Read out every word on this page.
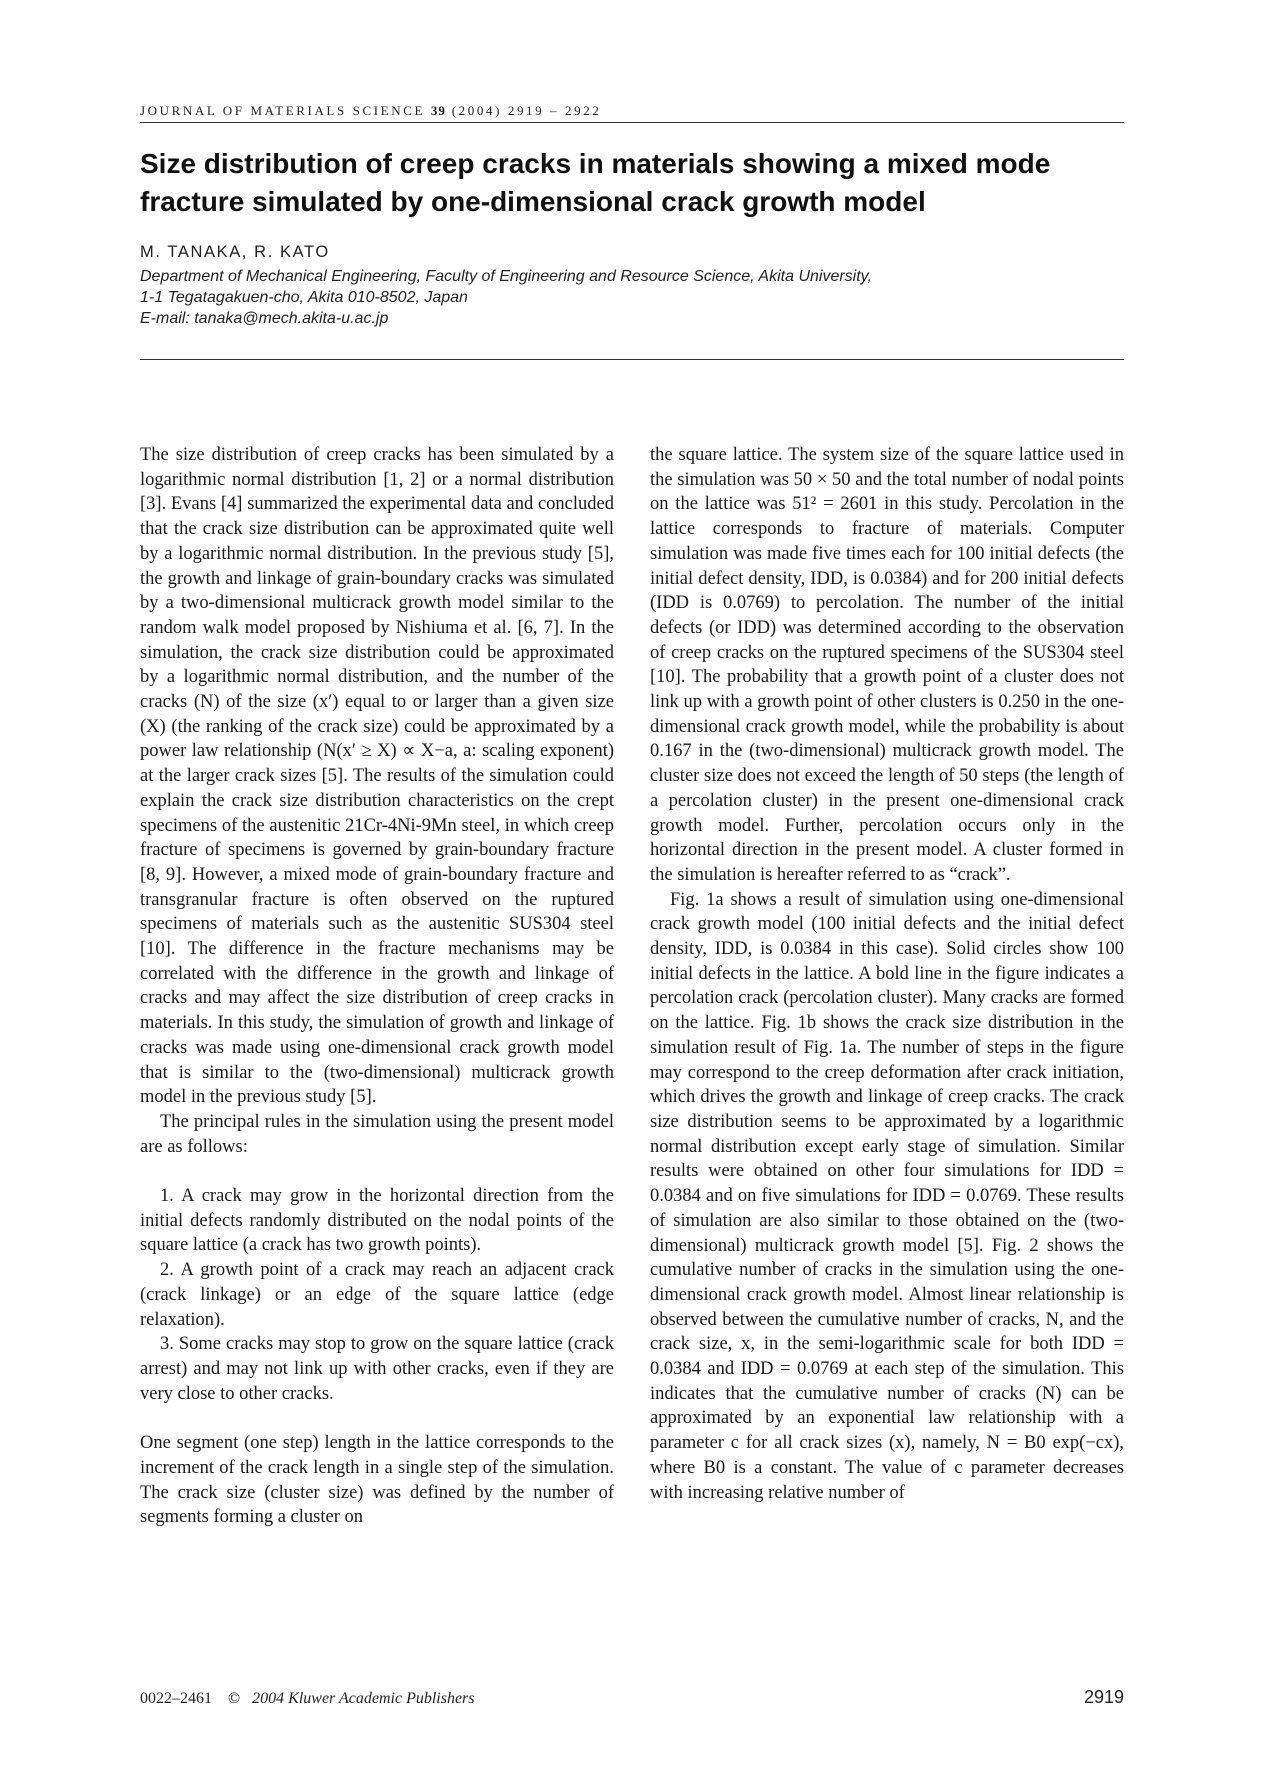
JOURNAL OF MATERIALS SCIENCE 39 (2004) 2919 – 2922
Size distribution of creep cracks in materials showing a mixed mode fracture simulated by one-dimensional crack growth model
M. TANAKA, R. KATO
Department of Mechanical Engineering, Faculty of Engineering and Resource Science, Akita University,
1-1 Tegatagakuen-cho, Akita 010-8502, Japan
E-mail: tanaka@mech.akita-u.ac.jp

The size distribution of creep cracks has been simulated by a logarithmic normal distribution [1, 2] or a normal distribution [3]. Evans [4] summarized the experimental data and concluded that the crack size distribution can be approximated quite well by a logarithmic normal distribution. In the previous study [5], the growth and linkage of grain-boundary cracks was simulated by a two-dimensional multicrack growth model similar to the random walk model proposed by Nishiuma et al. [6, 7]. In the simulation, the crack size distribution could be approximated by a logarithmic normal distribution, and the number of the cracks (N) of the size (x′) equal to or larger than a given size (X) (the ranking of the crack size) could be approximated by a power law relationship (N(x′ ≥ X) ∝ X−a, a: scaling exponent) at the larger crack sizes [5]. The results of the simulation could explain the crack size distribution characteristics on the crept specimens of the austenitic 21Cr-4Ni-9Mn steel, in which creep fracture of specimens is governed by grain-boundary fracture [8, 9]. However, a mixed mode of grain-boundary fracture and transgranular fracture is often observed on the ruptured specimens of materials such as the austenitic SUS304 steel [10]. The difference in the fracture mechanisms may be correlated with the difference in the growth and linkage of cracks and may affect the size distribution of creep cracks in materials. In this study, the simulation of growth and linkage of cracks was made using one-dimensional crack growth model that is similar to the (two-dimensional) multicrack growth model in the previous study [5].

The principal rules in the simulation using the present model are as follows:

1. A crack may grow in the horizontal direction from the initial defects randomly distributed on the nodal points of the square lattice (a crack has two growth points).

2. A growth point of a crack may reach an adjacent crack (crack linkage) or an edge of the square lattice (edge relaxation).

3. Some cracks may stop to grow on the square lattice (crack arrest) and may not link up with other cracks, even if they are very close to other cracks.

One segment (one step) length in the lattice corresponds to the increment of the crack length in a single step of the simulation. The crack size (cluster size) was defined by the number of segments forming a cluster on

the square lattice. The system size of the square lattice used in the simulation was 50 × 50 and the total number of nodal points on the lattice was 51² = 2601 in this study. Percolation in the lattice corresponds to fracture of materials. Computer simulation was made five times each for 100 initial defects (the initial defect density, IDD, is 0.0384) and for 200 initial defects (IDD is 0.0769) to percolation. The number of the initial defects (or IDD) was determined according to the observation of creep cracks on the ruptured specimens of the SUS304 steel [10]. The probability that a growth point of a cluster does not link up with a growth point of other clusters is 0.250 in the one-dimensional crack growth model, while the probability is about 0.167 in the (two-dimensional) multicrack growth model. The cluster size does not exceed the length of 50 steps (the length of a percolation cluster) in the present one-dimensional crack growth model. Further, percolation occurs only in the horizontal direction in the present model. A cluster formed in the simulation is hereafter referred to as “crack”.

Fig. 1a shows a result of simulation using one-dimensional crack growth model (100 initial defects and the initial defect density, IDD, is 0.0384 in this case). Solid circles show 100 initial defects in the lattice. A bold line in the figure indicates a percolation crack (percolation cluster). Many cracks are formed on the lattice. Fig. 1b shows the crack size distribution in the simulation result of Fig. 1a. The number of steps in the figure may correspond to the creep deformation after crack initiation, which drives the growth and linkage of creep cracks. The crack size distribution seems to be approximated by a logarithmic normal distribution except early stage of simulation. Similar results were obtained on other four simulations for IDD = 0.0384 and on five simulations for IDD = 0.0769. These results of simulation are also similar to those obtained on the (two-dimensional) multicrack growth model [5]. Fig. 2 shows the cumulative number of cracks in the simulation using the one- dimensional crack growth model. Almost linear relationship is observed between the cumulative number of cracks, N, and the crack size, x, in the semi-logarithmic scale for both IDD = 0.0384 and IDD = 0.0769 at each step of the simulation. This indicates that the cumulative number of cracks (N) can be approximated by an exponential law relationship with a parameter c for all crack sizes (x), namely, N = B0 exp(−cx), where B0 is a constant. The value of c parameter decreases with increasing relative number of

0022–2461 © 2004 Kluwer Academic Publishers	2919
